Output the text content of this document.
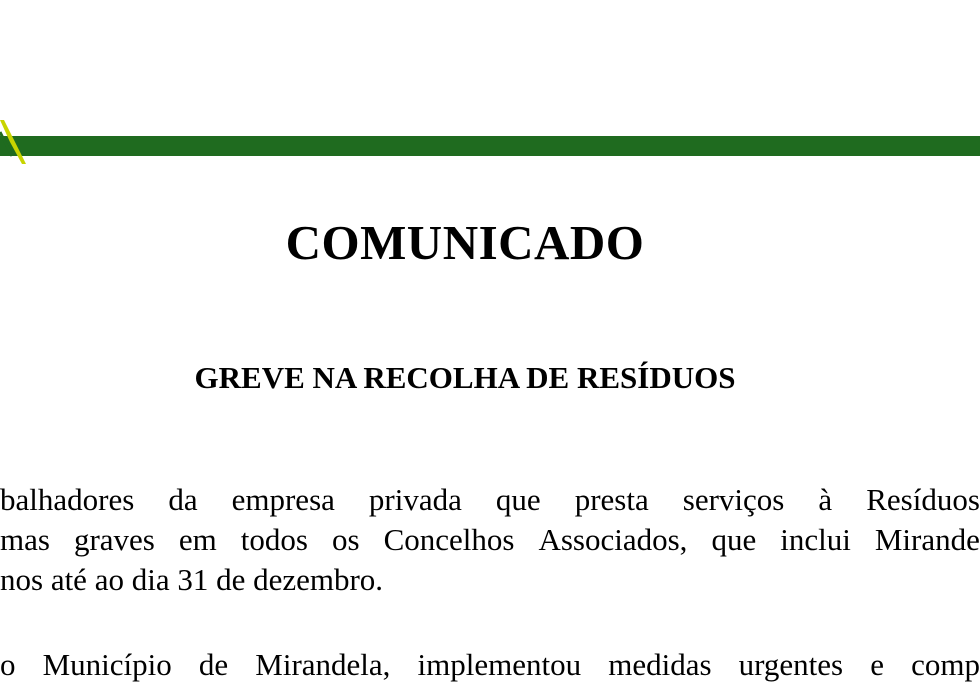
COMUNICADO
GREVE NA RECOLHA DE RESÍDUOS
balhadores da empresa privada que presta serviços à Resíduos
mas graves em todos os Concelhos Associados, que inclui Mirande
nos até ao dia 31 de dezembro.
o Município de Mirandela, implementou medidas urgentes e comp
